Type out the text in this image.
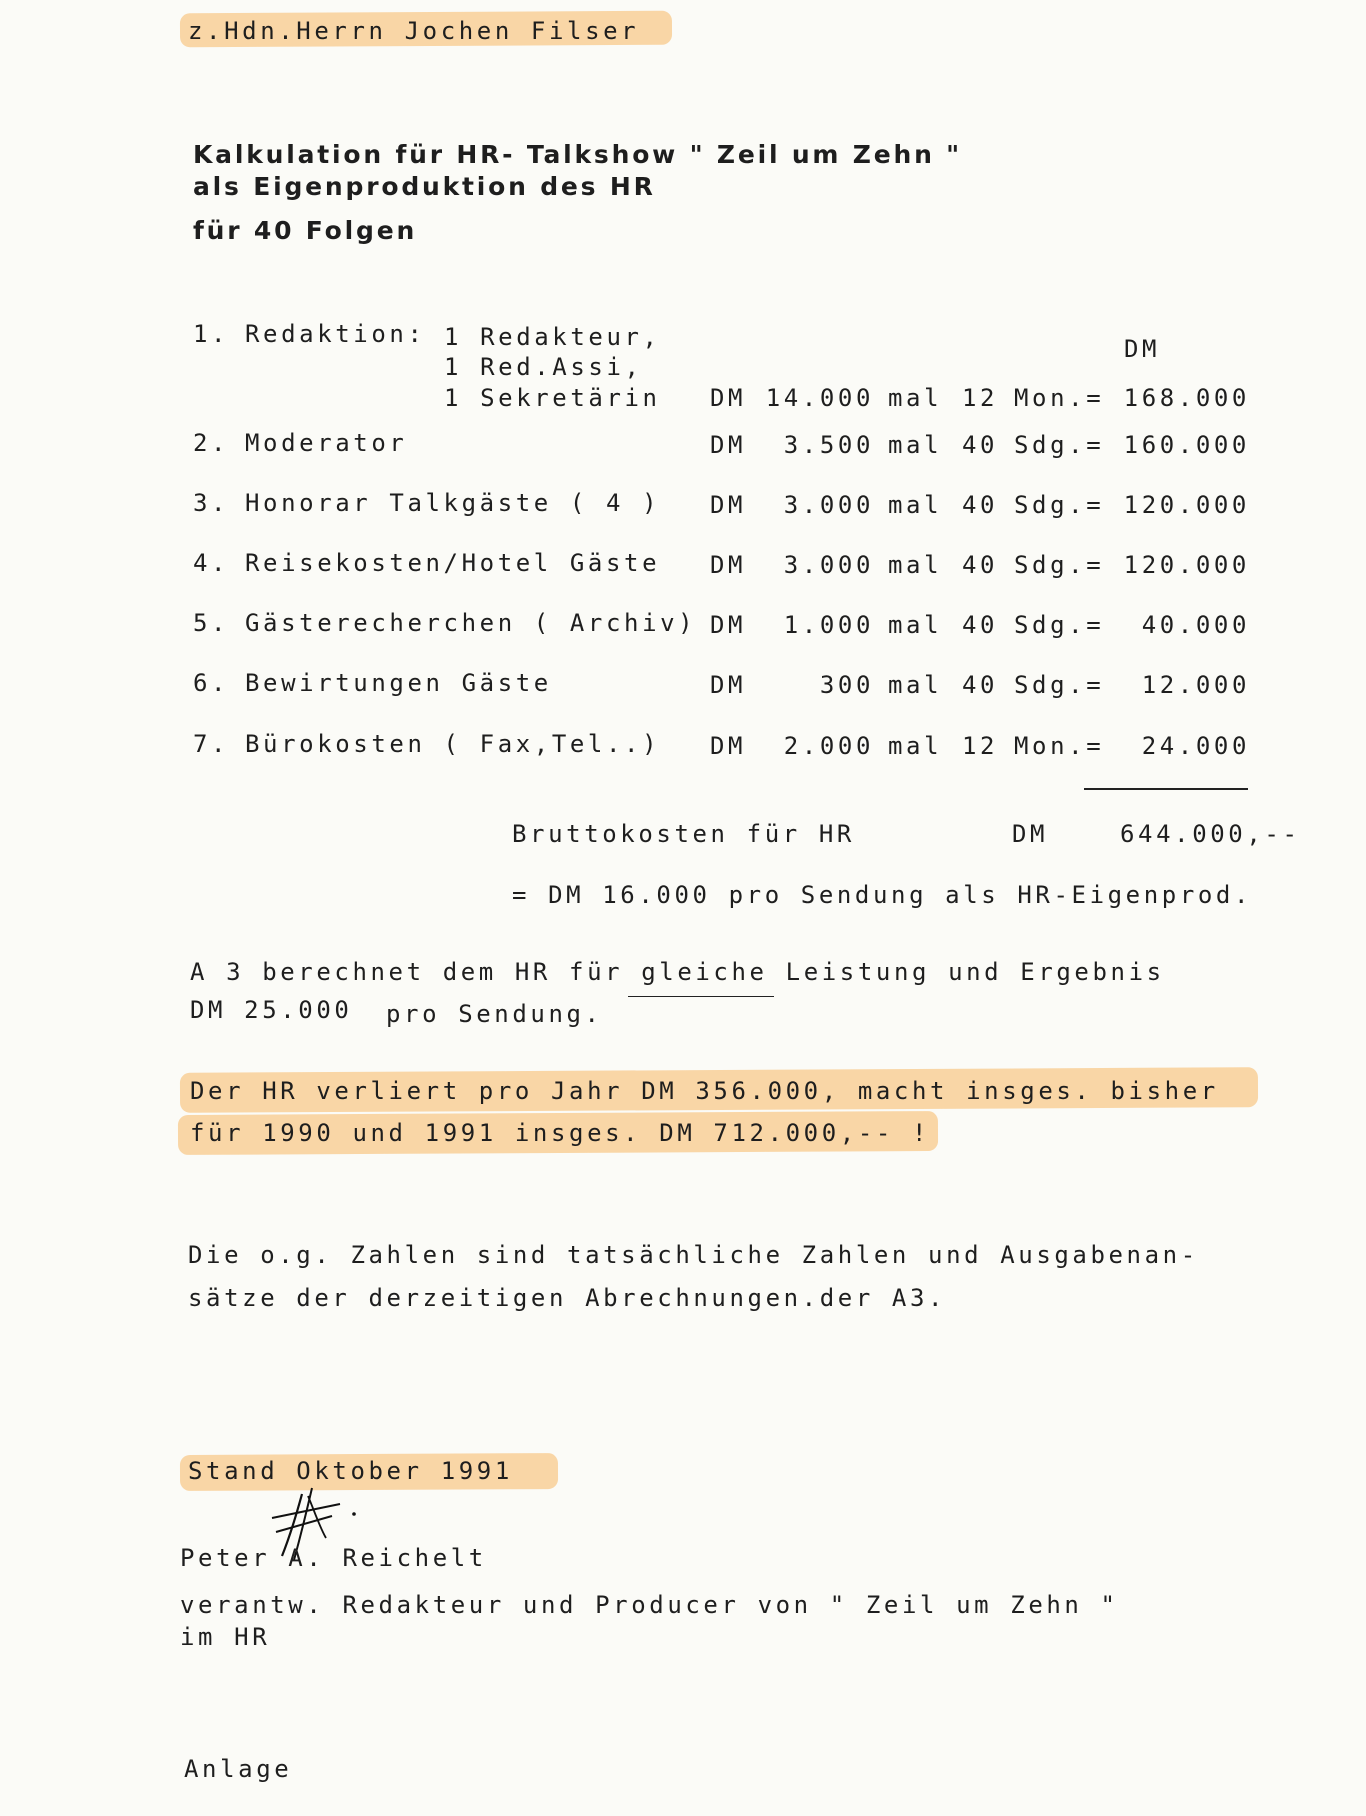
z.Hdn.Herrn Jochen Filser
Kalkulation für HR- Talkshow " Zeil um Zehn "
als Eigenproduktion des HR
für 40 Folgen
DM
1. Redaktion: 1 Redakteur,
1 Red.Assi,
1 Sekretärin DM 14.000 mal 12 Mon.= 168.000
2. Moderator	DM	3.500 mal 40 Sdg.= 160.000
3. Honorar Talkgäste ( 4 ) DM	3.000 mal 40 Sdg.= 120.000
4. Reisekosten/Hotel Gäste DM	3.000 mal 40 Sdg.= 120.000
5. Gästerecherchen ( Archiv) DM	1.000 mal 40 Sdg.=	40.000
6. Bewirtungen Gäste	DM	300 mal 40 Sdg.=	12.000
7. Bürokosten ( Fax,Tel..) DM	2.000 mal 12 Mon.=	24.000
Bruttokosten für HR	DM	644.000,--
= DM 16.000 pro Sendung als HR-Eigenprod.
A 3 berechnet dem HR für gleiche Leistung und Ergebnis
DM 25.000 pro Sendung.
Der HR verliert pro Jahr DM 356.000, macht insges. bisher
für 1990 und 1991 insges. DM 712.000,-- !
Die o.g. Zahlen sind tatsächliche Zahlen und Ausgabenan-
sätze der derzeitigen Abrechnungen.der A3.
Stand Oktober 1991
Peter A. Reichelt
verantw. Redakteur und Producer von " Zeil um Zehn "
im HR
Anlage
